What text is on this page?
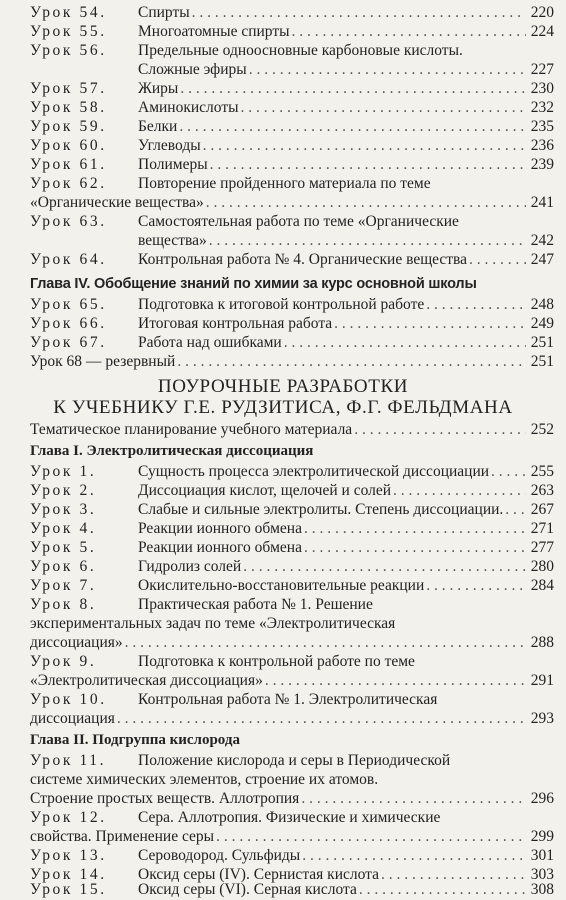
Урок 54.	Спирты . . .	220
Урок 55.	Многоатомные спирты . . .	224
Урок 56.	Предельные одноосновные карбоновые кислоты.
Сложные эфиры . . .	227
Урок 57.	Жиры . . .	230
Урок 58.	Аминокислоты . . .	232
Урок 59.	Белки . . .	235
Урок 60.	Углеводы . . .	236
Урок 61.	Полимеры . . .	239
Урок 62.	Повторение пройденного материала по теме
«Органические вещества» . . .	241
Урок 63.	Самостоятельная работа по теме «Органические
вещества» . . .	242
Урок 64.	Контрольная работа № 4. Органические вещества . . .	247
Глава IV. Обобщение знаний по химии за курс основной школы
Урок 65.	Подготовка к итоговой контрольной работе . . .	248
Урок 66.	Итоговая контрольная работа . . .	249
Урок 67.	Работа над ошибками . . .	251
Урок 68 — резервный . . .	251
ПОУРОЧНЫЕ РАЗРАБОТКИ
К УЧЕБНИКУ Г.Е. РУДЗИТИСА, Ф.Г. ФЕЛЬДМАНА
Тематическое планирование учебного материала . . .	252
Глава I. Электролитическая диссоциация
Урок 1.	Сущность процесса электролитической диссоциации . . .	255
Урок 2.	Диссоциация кислот, щелочей и солей . . .	263
Урок 3.	Слабые и сильные электролиты. Степень диссоциации. . . . 267
Урок 4.	Реакции ионного обмена . . .	271
Урок 5.	Реакции ионного обмена . . .	277
Урок 6.	Гидролиз солей . . .	280
Урок 7.	Окислительно-восстановительные реакции . . .	284
Урок 8.	Практическая работа № 1. Решение
экспериментальных задач по теме «Электролитическая
диссоциация» . . .	288
Урок 9.	Подготовка к контрольной работе по теме
«Электролитическая диссоциация» . . .	291
Урок 10.	Контрольная работа № 1. Электролитическая
диссоциация . . .	293
Глава II. Подгруппа кислорода
Урок 11.	Положение кислорода и серы в Периодической
системе химических элементов, строение их атомов.
Строение простых веществ. Аллотропия . . .	296
Урок 12.	Сера. Аллотропия. Физические и химические
свойства. Применение серы . . .	299
Урок 13.	Сероводород. Сульфиды . . .	301
Урок 14.	Оксид серы (IV). Сернистая кислота . . .	303
Урок 15.	Оксид серы (VI). Серная кислота . . .	308
